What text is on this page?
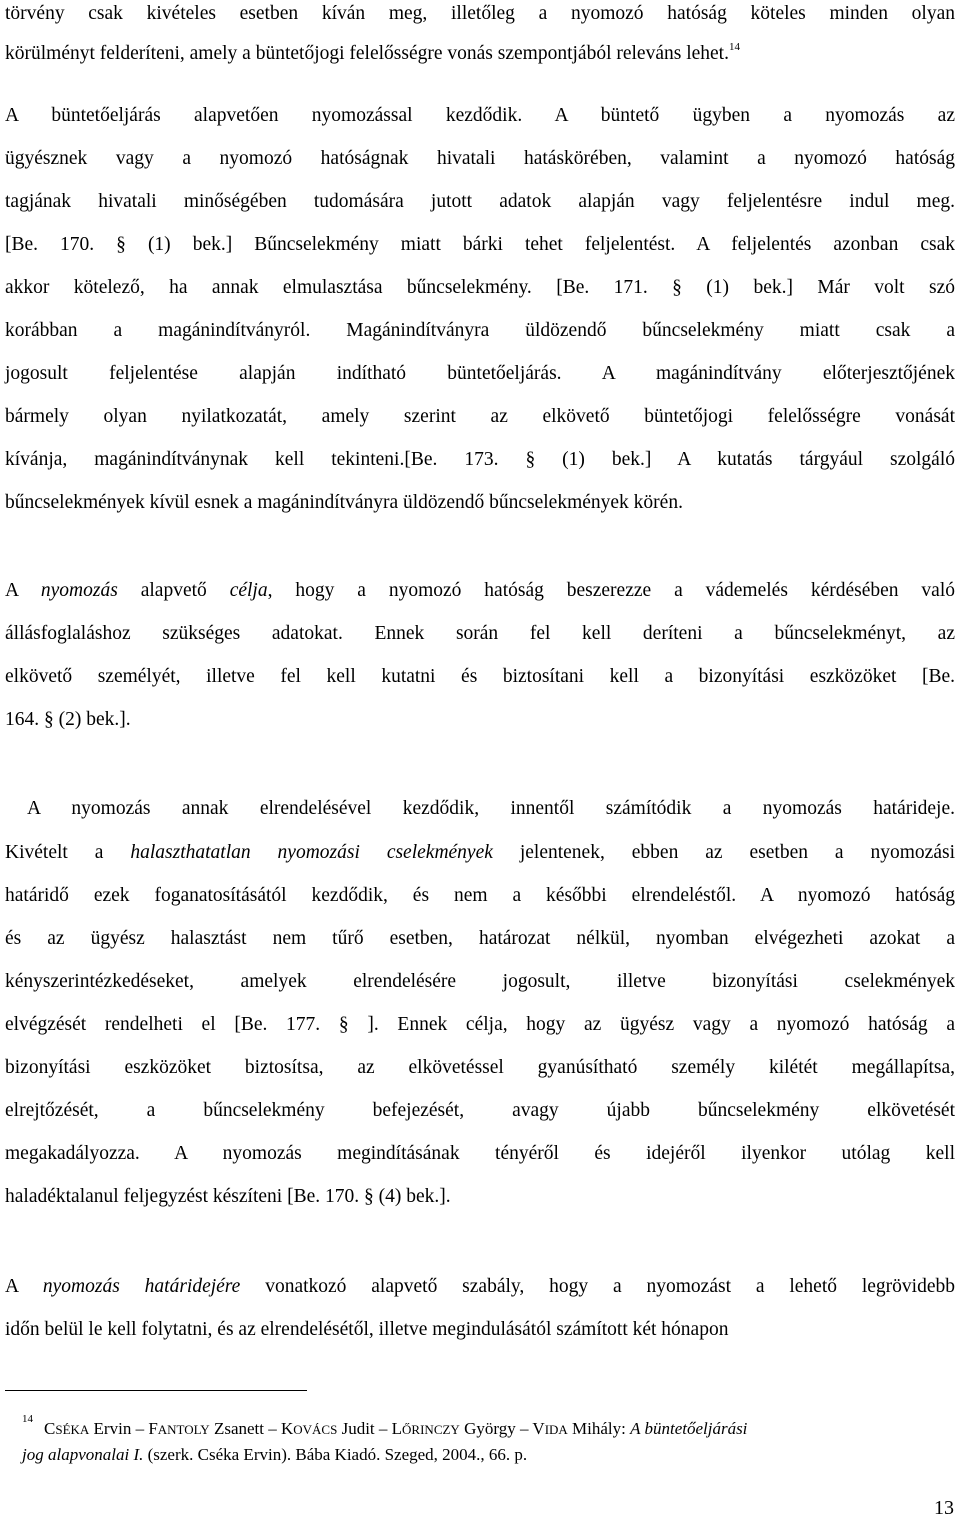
14
13
törvény csak kivételes esetben kíván meg, illetőleg a nyomozó hatóság köteles minden olyan
körülményt felderíteni, amely a büntetőjogi felelősségre vonás szempontjából releváns lehet.$^{14}$
A büntetőeljárás alapvetően nyomozással kezdődik. A büntető ügyben a nyomozás az
ügyésznek vagy a nyomozó hatóságnak hivatali hatáskörében, valamint a nyomozó hatóság
tagjának hivatali minőségében tudomására jutott adatok alapján vagy feljelentésre indul meg.
[Be. 170. § (1) bek.] Bűncselekmény miatt bárki tehet feljelentést. A feljelentés azonban csak
akkor kötelező, ha annak elmulasztása bűncselekmény. [Be. 171. § (1) bek.] Már volt szó
korábban a magánindítványról. Magánindítványra üldözendő bűncselekmény miatt csak a
jogosult feljelentése alapján indítható büntetőeljárás. A magánindítvány előterjesztőjének
bármely olyan nyilatkozatát, amely szerint az elkövető büntetőjogi felelősségre vonását
kívánja, magánindítványnak kell tekinteni.[Be. 173. § (1) bek.] A kutatás tárgyául szolgáló
bűncselekmények kívül esnek a magánindítványra üldözendő bűncselekmények körén.
A nyomozás alapvető célja, hogy a nyomozó hatóság beszerezze a vádemelés kérdésében való
állásfoglaláshoz szükséges adatokat. Ennek során fel kell deríteni a bűncselekményt, az
elkövető személyét, illetve fel kell kutatni és biztosítani kell a bizonyítási eszközöket [Be.
164. § (2) bek.].
A nyomozás annak elrendelésével kezdődik, innentől számítódik a nyomozás határideje.
Kivételt a halaszthatatlan nyomozási cselekmények jelentenek, ebben az esetben a nyomozási
határidő ezek foganatosításától kezdődik, és nem a későbbi elrendeléstől. A nyomozó hatóság
és az ügyész halasztást nem tűrő esetben, határozat nélkül, nyomban elvégezheti azokat a
kényszerintézkedéseket, amelyek elrendelésére jogosult, illetve bizonyítási cselekmények
elvégzését rendelheti el [Be. 177. § ]. Ennek célja, hogy az ügyész vagy a nyomozó hatóság a
bizonyítási eszközöket biztosítsa, az elkövetéssel gyanúsítható személy kilétét megállapítsa,
elrejtőzését, a bűncselekmény befejezését, avagy újabb bűncselekmény elkövetését
megakadályozza. A nyomozás megindításának tényéről és idejéről ilyenkor utólag kell
haladéktalanul feljegyzést készíteni [Be. 170. § (4) bek.].
A nyomozás határidejére vonatkozó alapvető szabály, hogy a nyomozást a lehető legrövidebb
időn belül le kell folytatni, és az elrendelésétől, illetve megindulásától számított két hónapon
CSÉKA Ervin – FANTOLY Zsanett – KOVÁCS Judit – LŐRINCZY György – VIDA Mihály: A büntetőeljárási
jog alapvonalai I. (szerk. Cséka Ervin). Bába Kiadó. Szeged, 2004., 66. p.
